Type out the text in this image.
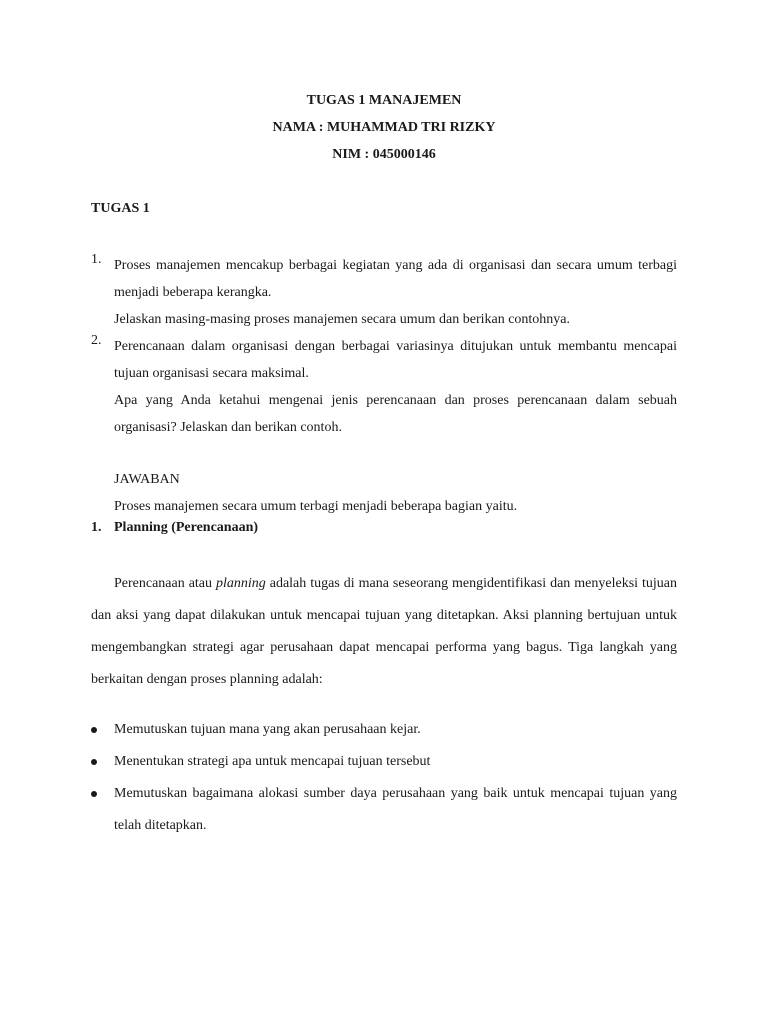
TUGAS 1 MANAJEMEN
NAMA : MUHAMMAD TRI RIZKY
NIM : 045000146
TUGAS 1
1. Proses manajemen mencakup berbagai kegiatan yang ada di organisasi dan secara umum terbagi menjadi beberapa kerangka.

Jelaskan masing-masing proses manajemen secara umum dan berikan contohnya.

2. Perencanaan dalam organisasi dengan berbagai variasinya ditujukan untuk membantu mencapai tujuan organisasi secara maksimal.

Apa yang Anda ketahui mengenai jenis perencanaan dan proses perencanaan dalam sebuah organisasi? Jelaskan dan berikan contoh.

JAWABAN

Proses manajemen secara umum terbagi menjadi beberapa bagian yaitu.

1. Planning (Perencanaan)
Perencanaan atau planning adalah tugas di mana seseorang mengidentifikasi dan menyeleksi tujuan dan aksi yang dapat dilakukan untuk mencapai tujuan yang ditetapkan. Aksi planning bertujuan untuk mengembangkan strategi agar perusahaan dapat mencapai performa yang bagus. Tiga langkah yang berkaitan dengan proses planning adalah:
Memutuskan tujuan mana yang akan perusahaan kejar.
Menentukan strategi apa untuk mencapai tujuan tersebut
Memutuskan bagaimana alokasi sumber daya perusahaan yang baik untuk mencapai tujuan yang telah ditetapkan.
